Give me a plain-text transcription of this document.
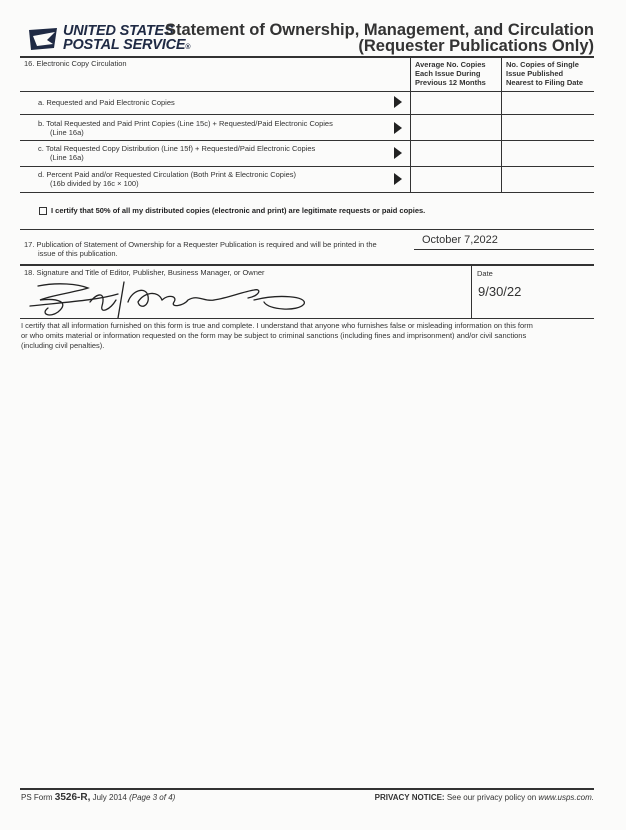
UNITED STATES
POSTAL SERVICE®
Statement of Ownership, Management, and Circulation
(Requester Publications Only)
16. Electronic Copy Circulation	Average No. Copies
Each Issue During
Previous 12 Months
No. Copies of Single
Issue Published
Nearest to Filing Date
a. Requested and Paid Electronic Copies
b. Total Requested and Paid Print Copies (Line 15c) + Requested/Paid Electronic Copies
(Line 16a)
c. Total Requested Copy Distribution (Line 15f) + Requested/Paid Electronic Copies
(Line 16a)
d. Percent Paid and/or Requested Circulation (Both Print & Electronic Copies)
(16b divided by 16c × 100)
I certify that 50% of all my distributed copies (electronic and print) are legitimate requests or paid copies.
17. Publication of Statement of Ownership for a Requester Publication is required and will be printed in the
issue of this publication.
October 7,2022
18. Signature and Title of Editor, Publisher, Business Manager, or Owner	Date
9/30/22
I certify that all information furnished on this form is true and complete. I understand that anyone who furnishes false or misleading information on this form
or who omits material or information requested on the form may be subject to criminal sanctions (including fines and imprisonment) and/or civil sanctions
(including civil penalties).
PS Form 3526-R, July 2014 (Page 3 of 4)	PRIVACY NOTICE: See our privacy policy on www.usps.com.
